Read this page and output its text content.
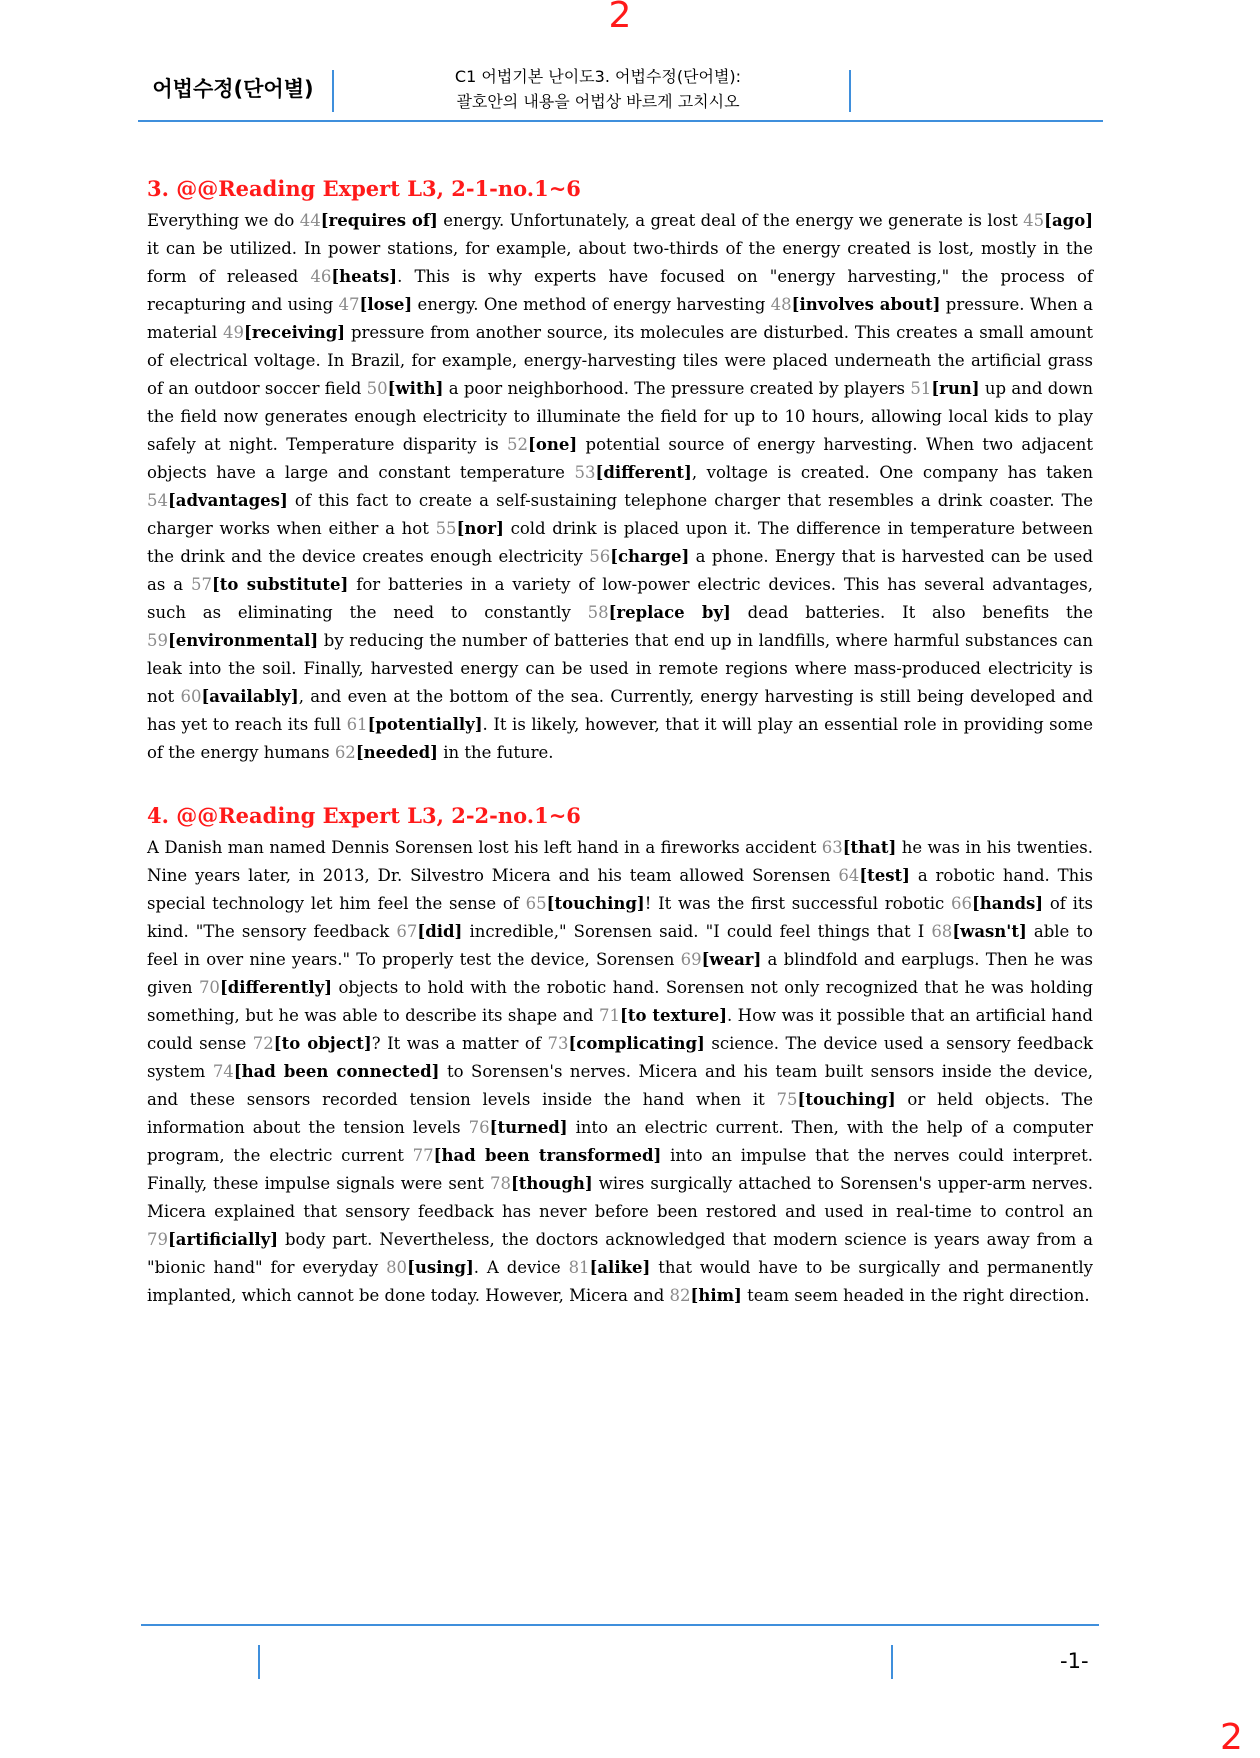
2
어법수정(단어별)
C1 어법기본 난이도3. 어법수정(단어별):
괄호안의 내용을 어법상 바르게 고치시오
3. @@Reading Expert L3, 2-1-no.1~6

Everything we do 44[requires of] energy. Unfortunately, a great deal of the energy we generate is lost 45[ago] it can be utilized. In power stations, for example, about two-thirds of the energy created is lost, mostly in the form of released 46[heats]. This is why experts have focused on "energy harvesting," the process of recapturing and using 47[lose] energy. One method of energy harvesting 48[involves about] pressure. When a material 49[receiving] pressure from another source, its molecules are disturbed. This creates a small amount of electrical voltage. In Brazil, for example, energy-harvesting tiles were placed underneath the artificial grass of an outdoor soccer field 50[with] a poor neighborhood. The pressure created by players 51[run] up and down the field now generates enough electricity to illuminate the field for up to 10 hours, allowing local kids to play safely at night. Temperature disparity is 52[one] potential source of energy harvesting. When two adjacent objects have a large and constant temperature 53[different], voltage is created. One company has taken 54[advantages] of this fact to create a self-sustaining telephone charger that resembles a drink coaster. The charger works when either a hot 55[nor] cold drink is placed upon it. The difference in temperature between the drink and the device creates enough electricity 56[charge] a phone. Energy that is harvested can be used as a 57[to substitute] for batteries in a variety of low-power electric devices. This has several advantages, such as eliminating the need to constantly 58[replace by] dead batteries. It also benefits the 59[environmental] by reducing the number of batteries that end up in landfills, where harmful substances can leak into the soil. Finally, harvested energy can be used in remote regions where mass-produced electricity is not 60[availably], and even at the bottom of the sea. Currently, energy harvesting is still being developed and has yet to reach its full 61[potentially]. It is likely, however, that it will play an essential role in providing some of the energy humans 62[needed] in the future.

4. @@Reading Expert L3, 2-2-no.1~6

A Danish man named Dennis Sorensen lost his left hand in a fireworks accident 63[that] he was in his twenties. Nine years later, in 2013, Dr. Silvestro Micera and his team allowed Sorensen 64[test] a robotic hand. This special technology let him feel the sense of 65[touching]! It was the first successful robotic 66[hands] of its kind. "The sensory feedback 67[did] incredible," Sorensen said. "I could feel things that I 68[wasn't] able to feel in over nine years." To properly test the device, Sorensen 69[wear] a blindfold and earplugs. Then he was given 70[differently] objects to hold with the robotic hand. Sorensen not only recognized that he was holding something, but he was able to describe its shape and 71[to texture]. How was it possible that an artificial hand could sense 72[to object]? It was a matter of 73[complicating] science. The device used a sensory feedback system 74[had been connected] to Sorensen's nerves. Micera and his team built sensors inside the device, and these sensors recorded tension levels inside the hand when it 75[touching] or held objects. The information about the tension levels 76[turned] into an electric current. Then, with the help of a computer program, the electric current 77[had been transformed] into an impulse that the nerves could interpret. Finally, these impulse signals were sent 78[though] wires surgically attached to Sorensen's upper-arm nerves. Micera explained that sensory feedback has never before been restored and used in real-time to control an 79[artificially] body part. Nevertheless, the doctors acknowledged that modern science is years away from a "bionic hand" for everyday 80[using]. A device 81[alike] that would have to be surgically and permanently implanted, which cannot be done today. However, Micera and 82[him] team seem headed in the right direction.

-1-
2
